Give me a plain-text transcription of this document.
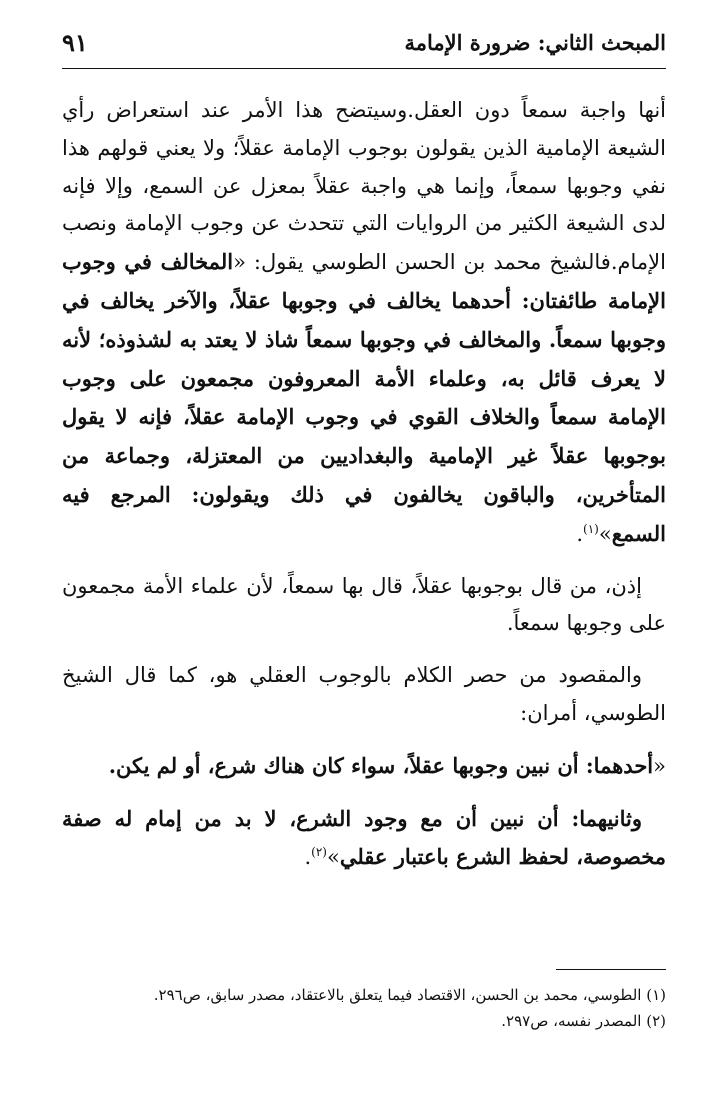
المبحث الثاني: ضرورة الإمامة
٩١

أنها واجبة سمعاً دون العقل.وسيتضح هذا الأمر عند استعراض رأي الشيعة الإمامية الذين يقولون بوجوب الإمامة عقلاً؛ ولا يعني قولهم هذا نفي وجوبها سمعاً، وإنما هي واجبة عقلاً بمعزل عن السمع، وإلا فإنه لدى الشيعة الكثير من الروايات التي تتحدث عن وجوب الإمامة ونصب الإمام.فالشيخ محمد بن الحسن الطوسي يقول: «المخالف في وجوب الإمامة طائفتان: أحدهما يخالف في وجوبها عقلاً، والآخر يخالف في وجوبها سمعاً. والمخالف في وجوبها سمعاً شاذ لا يعتد به لشذوذه؛ لأنه لا يعرف قائل به، وعلماء الأمة المعروفون مجمعون على وجوب الإمامة سمعاً والخلاف القوي في وجوب الإمامة عقلاً، فإنه لا يقول بوجوبها عقلاً غير الإمامية والبغداديين من المعتزلة، وجماعة من المتأخرين، والباقون يخالفون في ذلك ويقولون: المرجع فيه السمع»$^{(١)}$.

إذن، من قال بوجوبها عقلاً، قال بها سمعاً، لأن علماء الأمة مجمعون على وجوبها سمعاً.

والمقصود من حصر الكلام بالوجوب العقلي هو، كما قال الشيخ الطوسي، أمران:

«أحدهما: أن نبين وجوبها عقلاً، سواء كان هناك شرع، أو لم يكن.

وثانيهما: أن نبين أن مع وجود الشرع، لا بد من إمام له صفة مخصوصة، لحفظ الشرع باعتبار عقلي»$^{(٢)}$.

(١) الطوسي، محمد بن الحسن، الاقتصاد فيما يتعلق بالاعتقاد، مصدر سابق، ص٢٩٦.

(٢) المصدر نفسه، ص٢٩٧.
